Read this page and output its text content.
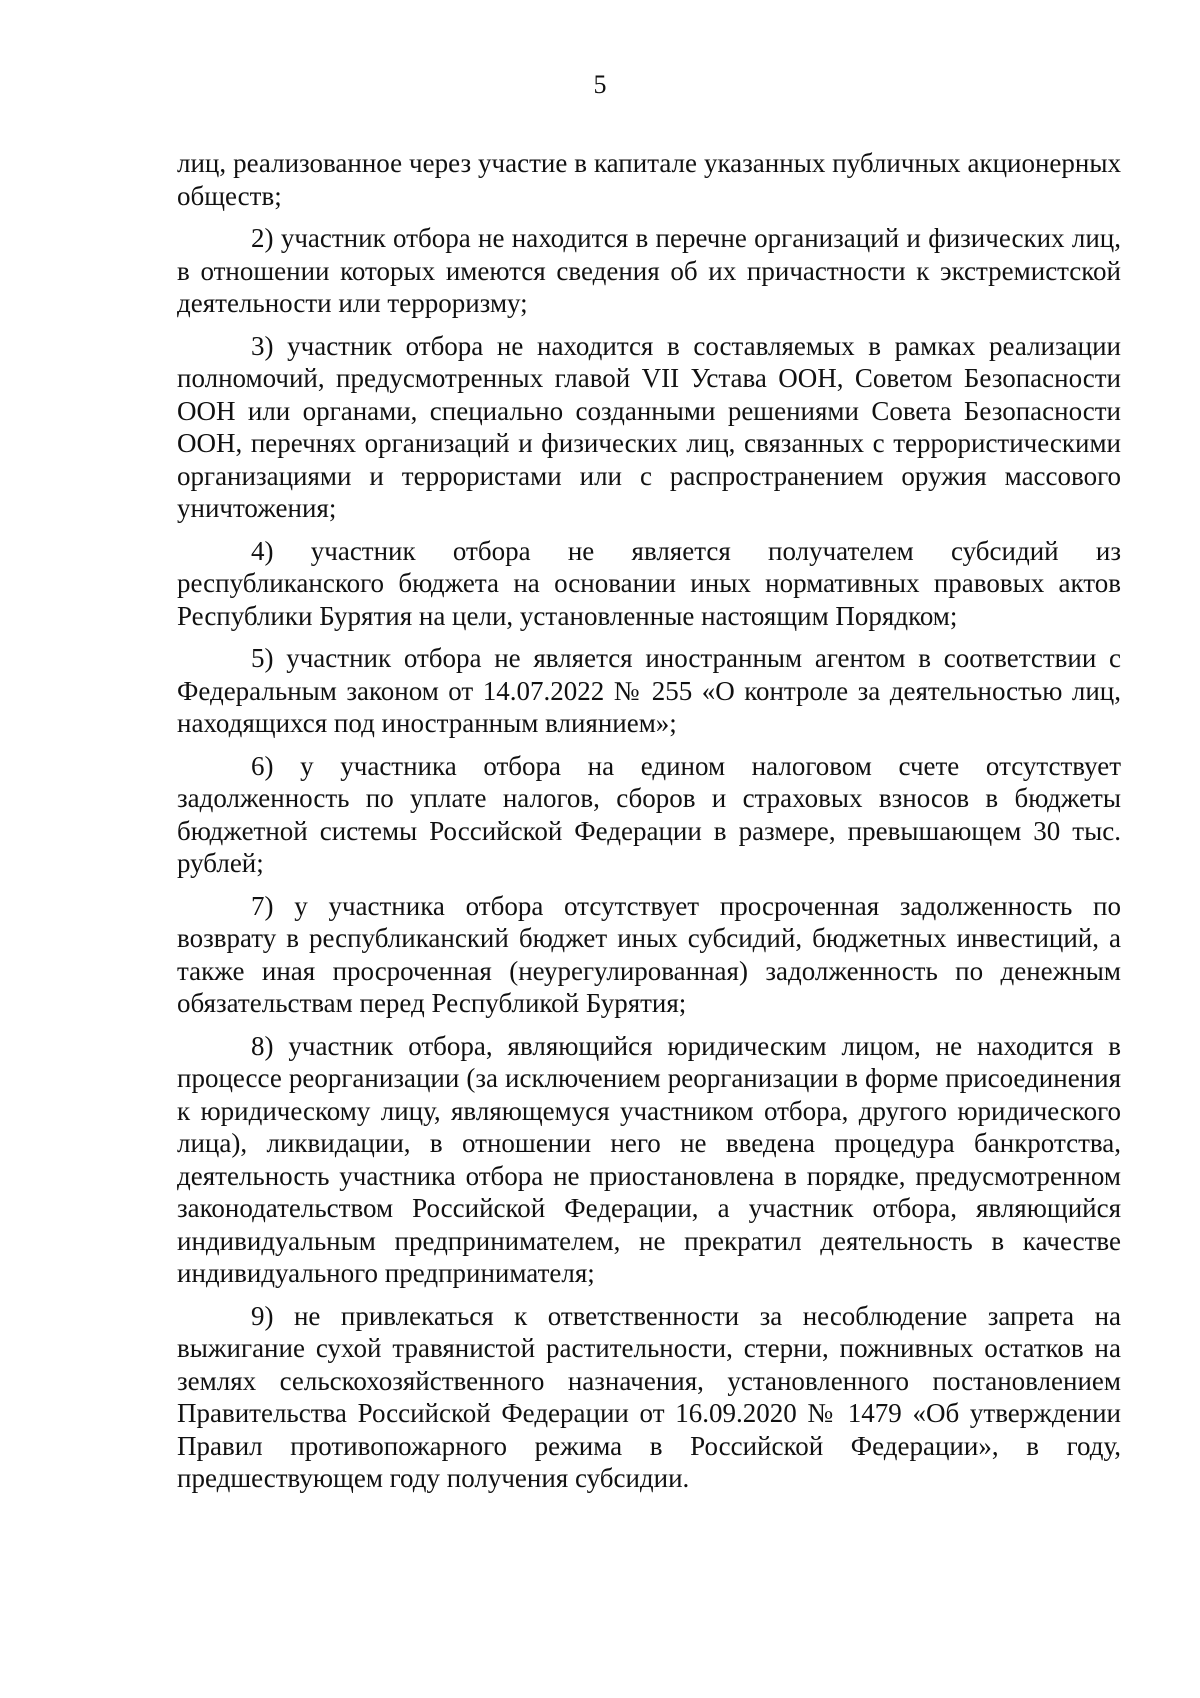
5

лиц, реализованное через участие в капитале указанных публичных акционерных обществ;

2) участник отбора не находится в перечне организаций и физических лиц, в отношении которых имеются сведения об их причастности к экстремистской деятельности или терроризму;

3) участник отбора не находится в составляемых в рамках реализации полномочий, предусмотренных главой VII Устава ООН, Советом Безопасности ООН или органами, специально созданными решениями Совета Безопасности ООН, перечнях организаций и физических лиц, связанных с террористическими организациями и террористами или с распространением оружия массового уничтожения;

4) участник отбора не является получателем субсидий из республиканского бюджета на основании иных нормативных правовых актов Республики Бурятия на цели, установленные настоящим Порядком;

5) участник отбора не является иностранным агентом в соответствии с Федеральным законом от 14.07.2022 № 255 «О контроле за деятельностью лиц, находящихся под иностранным влиянием»;

6) у участника отбора на едином налоговом счете отсутствует задолженность по уплате налогов, сборов и страховых взносов в бюджеты бюджетной системы Российской Федерации в размере, превышающем 30 тыс. рублей;

7) у участника отбора отсутствует просроченная задолженность по возврату в республиканский бюджет иных субсидий, бюджетных инвестиций, а также иная просроченная (неурегулированная) задолженность по денежным обязательствам перед Республикой Бурятия;

8) участник отбора, являющийся юридическим лицом, не находится в процессе реорганизации (за исключением реорганизации в форме присоединения к юридическому лицу, являющемуся участником отбора, другого юридического лица), ликвидации, в отношении него не введена процедура банкротства, деятельность участника отбора не приостановлена в порядке, предусмотренном законодательством Российской Федерации, а участник отбора, являющийся индивидуальным предпринимателем, не прекратил деятельность в качестве индивидуального предпринимателя;

9) не привлекаться к ответственности за несоблюдение запрета на выжигание сухой травянистой растительности, стерни, пожнивных остатков на землях сельскохозяйственного назначения, установленного постановлением Правительства Российской Федерации от 16.09.2020 № 1479 «Об утверждении Правил противопожарного режима в Российской Федерации», в году, предшествующем году получения субсидии.
